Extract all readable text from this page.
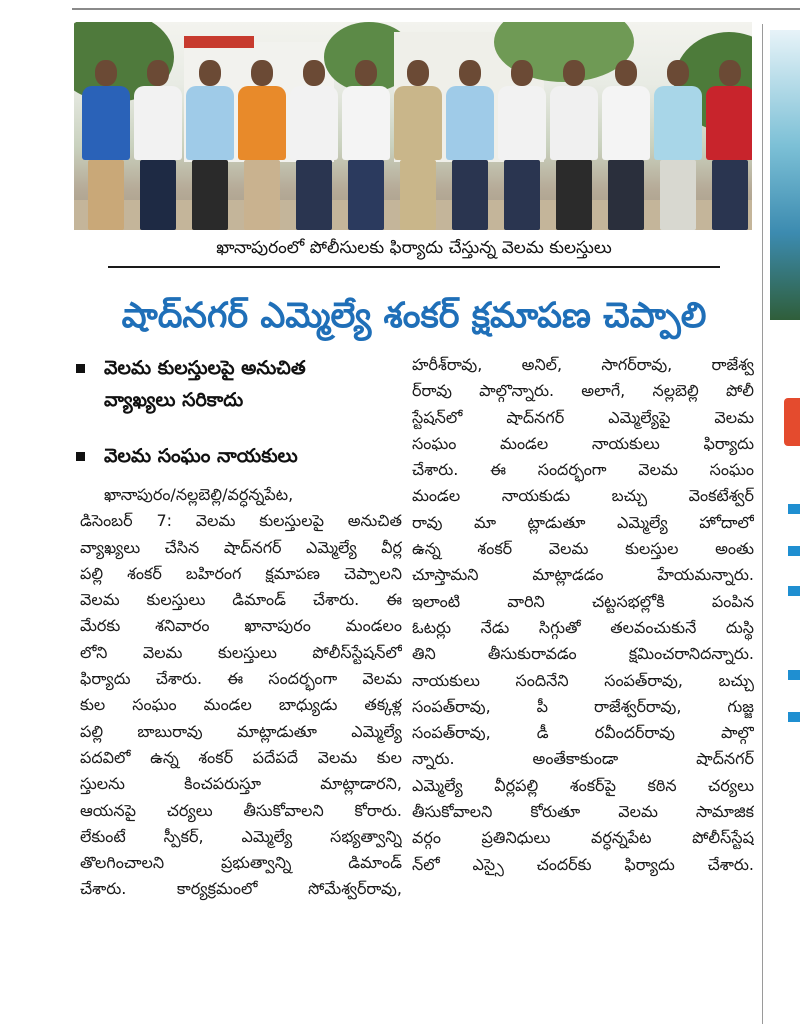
ఖానాపురంలో పోలీసులకు ఫిర్యాదు చేస్తున్న వెలమ కులస్తులు
షాద్‌నగర్ ఎమ్మెల్యే శంకర్ క్షమాపణ చెప్పాలి
వెలమ కులస్తులపై అనుచిత
వ్యాఖ్యలు సరికాదు
వెలమ సంఘం నాయకులు
ఖానాపురం/నల్లబెల్లి/వర్ధన్నపేట,
డిసెంబర్ 7: వెలమ కులస్తులపై అనుచిత
వ్యాఖ్యలు చేసిన షాద్‌నగర్ ఎమ్మెల్యే వీర్ల
పల్లి శంకర్ బహిరంగ క్షమాపణ చెప్పాలని
వెలమ కులస్తులు డిమాండ్ చేశారు. ఈ
మేరకు శనివారం ఖానాపురం మండలం
లోని వెలమ కులస్తులు పోలీస్‌స్టేషన్‌లో
ఫిర్యాదు చేశారు. ఈ సందర్భంగా వెలమ
కుల సంఘం మండల బాధ్యుడు తక్కళ్ల
పల్లి బాబురావు మాట్లాడుతూ ఎమ్మెల్యే
పదవిలో ఉన్న శంకర్ పదేపదే వెలమ కుల
స్తులను కించపరుస్తూ మాట్లాడారని,
ఆయనపై చర్యలు తీసుకోవాలని కోరారు.
లేకుంటే స్పీకర్, ఎమ్మెల్యే సభ్యత్వాన్ని
తొలగించాలని ప్రభుత్వాన్ని డిమాండ్
చేశారు. కార్యక్రమంలో సోమేశ్వర్‌రావు,
హరీశ్‌రావు, అనిల్, సాగర్‌రావు, రాజేశ్వ
ర్‌రావు పాల్గొన్నారు. అలాగే, నల్లబెల్లి పోలీ
స్టేషన్‌లో షాద్‌నగర్ ఎమ్మెల్యేపై వెలమ
సంఘం మండల నాయకులు ఫిర్యాదు
చేశారు. ఈ సందర్భంగా వెలమ సంఘం
మండల నాయకుడు బచ్చు వెంకటేశ్వర్
రావు మా ట్లాడుతూ ఎమ్మెల్యే హోదాలో
ఉన్న శంకర్ వెలమ కులస్తుల అంతు
చూస్తామని మాట్లాడడం హేయమన్నారు.
ఇలాంటి వారిని చట్టసభల్లోకి పంపిన
ఓటర్లు నేడు సిగ్గుతో తలవంచుకునే దుస్థి
తిని తీసుకురావడం క్షమించరానిదన్నారు.
నాయకులు సందినేని సంపత్‌రావు, బచ్చు
సంపత్‌రావు, పీ రాజేశ్వర్‌రావు, గుజ్జ
సంపత్‌రావు, డీ రవీందర్‌రావు పాల్గొ
న్నారు. అంతేకాకుండా షాద్‌నగర్
ఎమ్మెల్యే వీర్లపల్లి శంకర్‌పై కఠిన చర్యలు
తీసుకోవాలని కోరుతూ వెలమ సామాజిక
వర్గం ప్రతినిధులు వర్ధన్నపేట పోలీస్‌స్టేష
న్‌లో ఎస్సై చందర్‌కు ఫిర్యాదు చేశారు.
